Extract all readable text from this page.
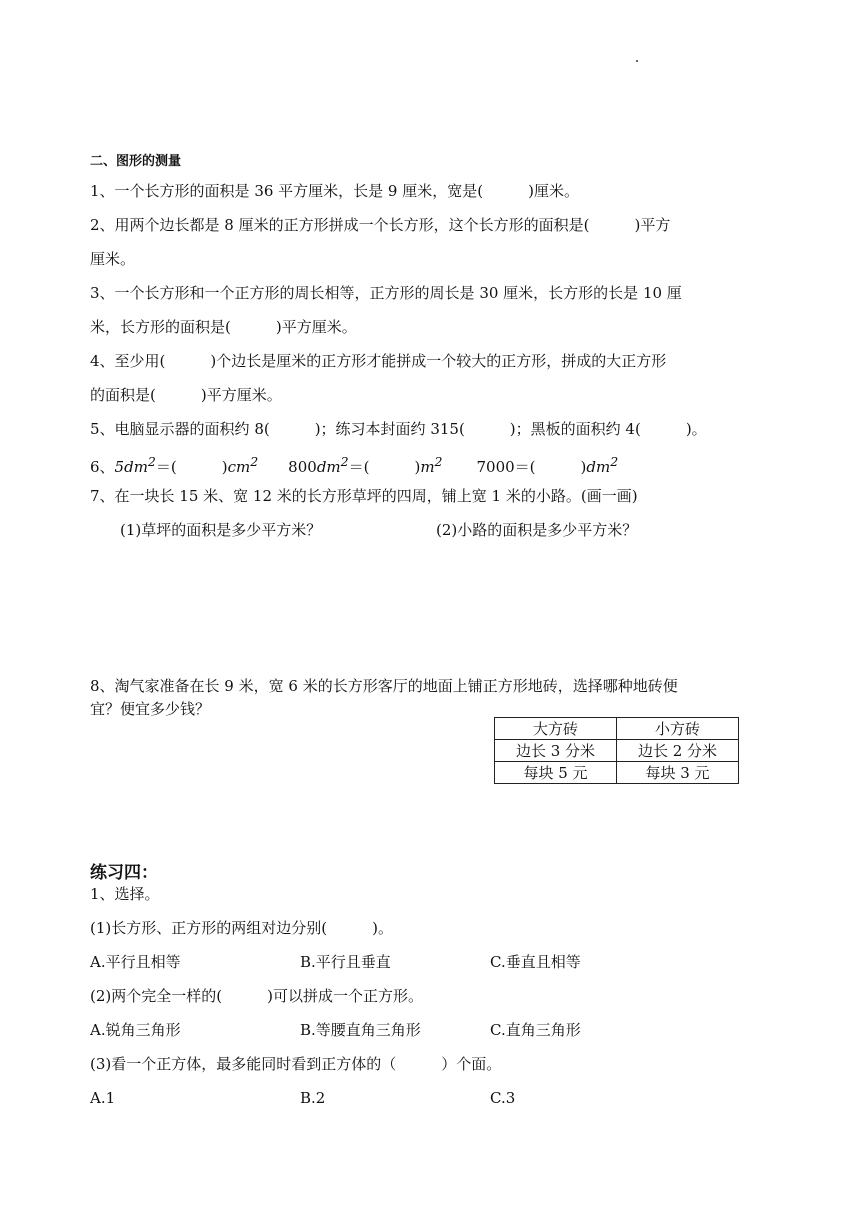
二、图形的测量
1、一个长方形的面积是 36 平方厘米，长是 9 厘米，宽是(　　　)厘米。
2、用两个边长都是 8 厘米的正方形拼成一个长方形，这个长方形的面积是(　　　)平方
厘米。
3、一个长方形和一个正方形的周长相等，正方形的周长是 30 厘米，长方形的长是 10 厘
米，长方形的面积是(　　　)平方厘米。
4、至少用(　　　)个边长是厘米的正方形才能拼成一个较大的正方形，拼成的大正方形
的面积是(　　　)平方厘米。
5、电脑显示器的面积约 8(　　　)；练习本封面约 315(　　　)；黑板的面积约 4(　　　)。
6、$5dm^2=$(　　　)$cm^2$ $800dm^2=$(　　　)$m^2$ 7000＝(　　　)$dm^2$
7、在一块长 15 米、宽 12 米的长方形草坪的四周，铺上宽 1 米的小路。(画一画)
(1)草坪的面积是多少平方米？	(2)小路的面积是多少平方米？
8、淘气家准备在长 9 米，宽 6 米的长方形客厅的地面上铺正方形地砖，选择哪种地砖便
宜？便宜多少钱？
大方砖	小方砖
边长 3 分米	边长 2 分米
每块 5 元	每块 3 元
练习四：
1、选择。
(1)长方形、正方形的两组对边分别(　　　)。
A.平行且相等	B.平行且垂直	C.垂直且相等
(2)两个完全一样的(　　　)可以拼成一个正方形。
A.锐角三角形	B.等腰直角三角形	C.直角三角形
(3)看一个正方体，最多能同时看到正方体的（　　　）个面。
A.1	B.2	C.3
